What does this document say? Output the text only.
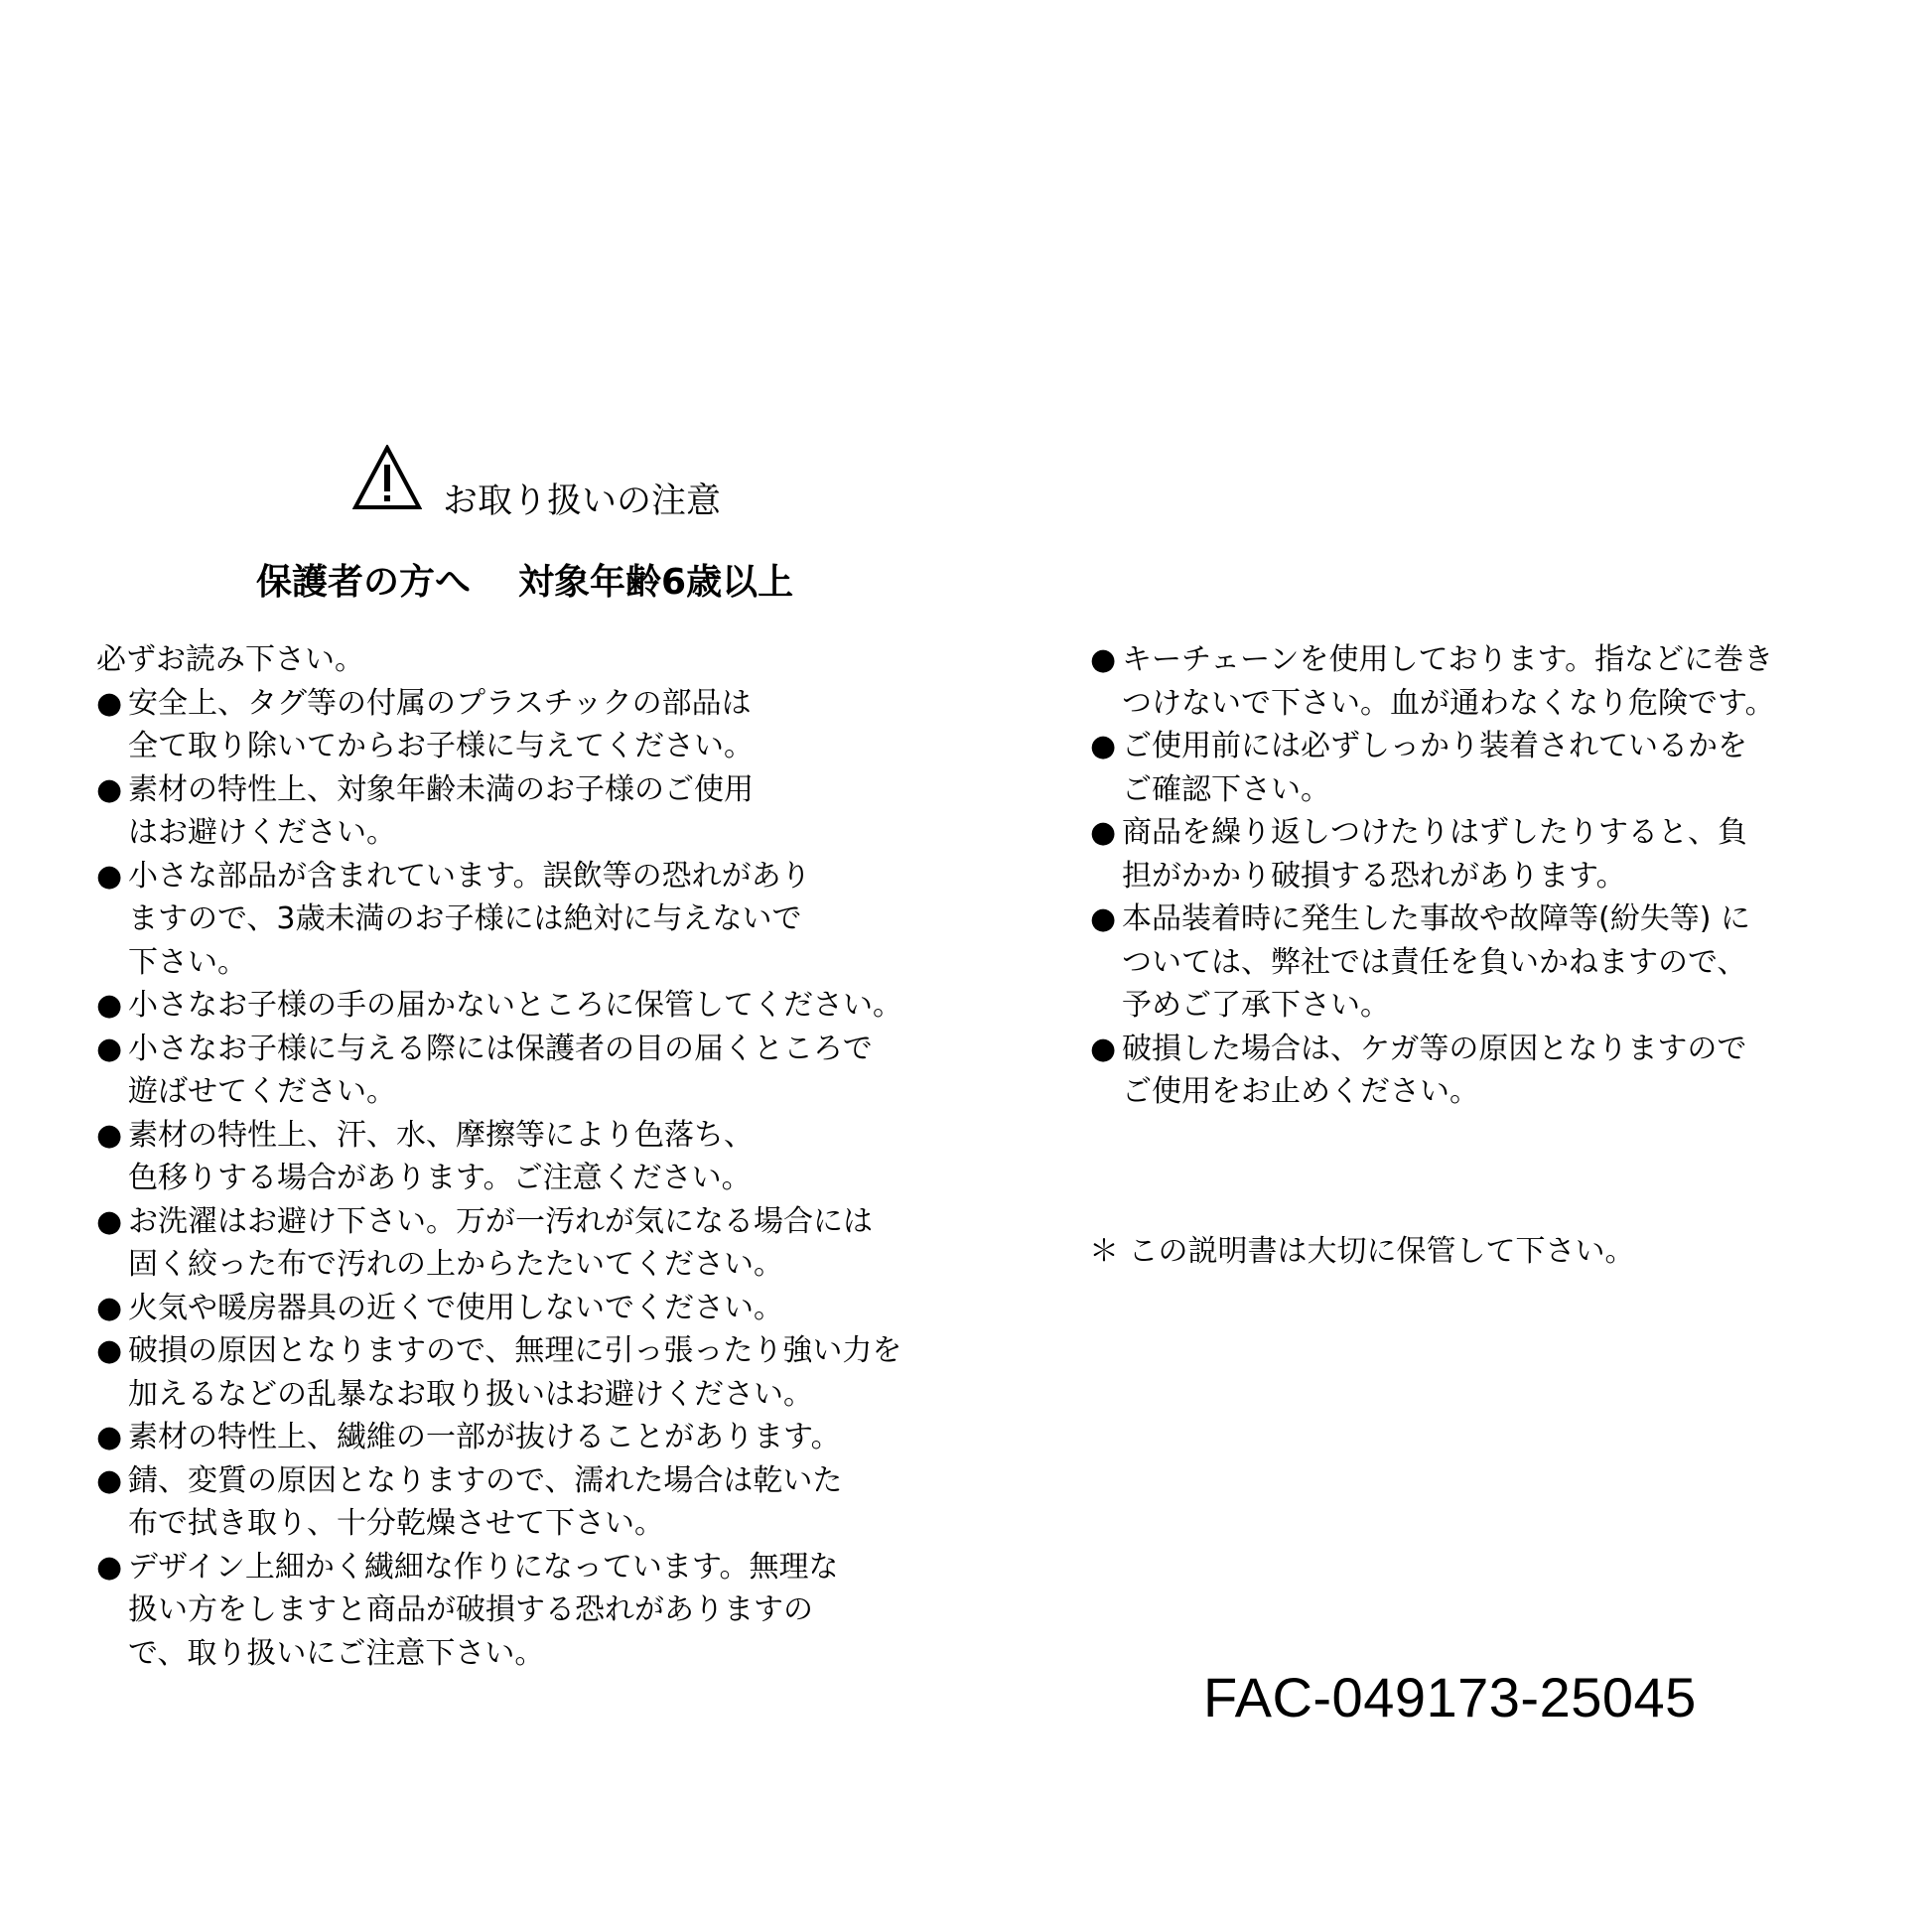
お取り扱いの注意
保護者の方へ 対象年齢6歳以上
必ずお読み下さい。
● 安全上、タグ等の付属のプラスチックの部品は
全て取り除いてからお子様に与えてください。
● 素材の特性上、対象年齢未満のお子様のご使用
はお避けください。
● 小さな部品が含まれています。誤飲等の恐れがあり
ますので、3歳未満のお子様には絶対に与えないで
下さい。
● 小さなお子様の手の届かないところに保管してください。
● 小さなお子様に与える際には保護者の目の届くところで
遊ばせてください。
● 素材の特性上、汗、水、摩擦等により色落ち、
色移りする場合があります。ご注意ください。
● お洗濯はお避け下さい。万が一汚れが気になる場合には
固く絞った布で汚れの上からたたいてください。
● 火気や暖房器具の近くで使用しないでください。
● 破損の原因となりますので、無理に引っ張ったり強い力を
加えるなどの乱暴なお取り扱いはお避けください。
● 素材の特性上、繊維の一部が抜けることがあります。
● 錆、変質の原因となりますので、濡れた場合は乾いた
布で拭き取り、十分乾燥させて下さい。
● デザイン上細かく繊細な作りになっています。無理な
扱い方をしますと商品が破損する恐れがありますの
で、取り扱いにご注意下さい。
● キーチェーンを使用しております。指などに巻き
つけないで下さい。血が通わなくなり危険です。
● ご使用前には必ずしっかり装着されているかを
ご確認下さい。
● 商品を繰り返しつけたりはずしたりすると、負
担がかかり破損する恐れがあります。
● 本品装着時に発生した事故や故障等(紛失等) に
ついては、弊社では責任を負いかねますので、
予めご了承下さい。
● 破損した場合は、ケガ等の原因となりますので
ご使用をお止めください。
＊ この説明書は大切に保管して下さい。
FAC-049173-25045
